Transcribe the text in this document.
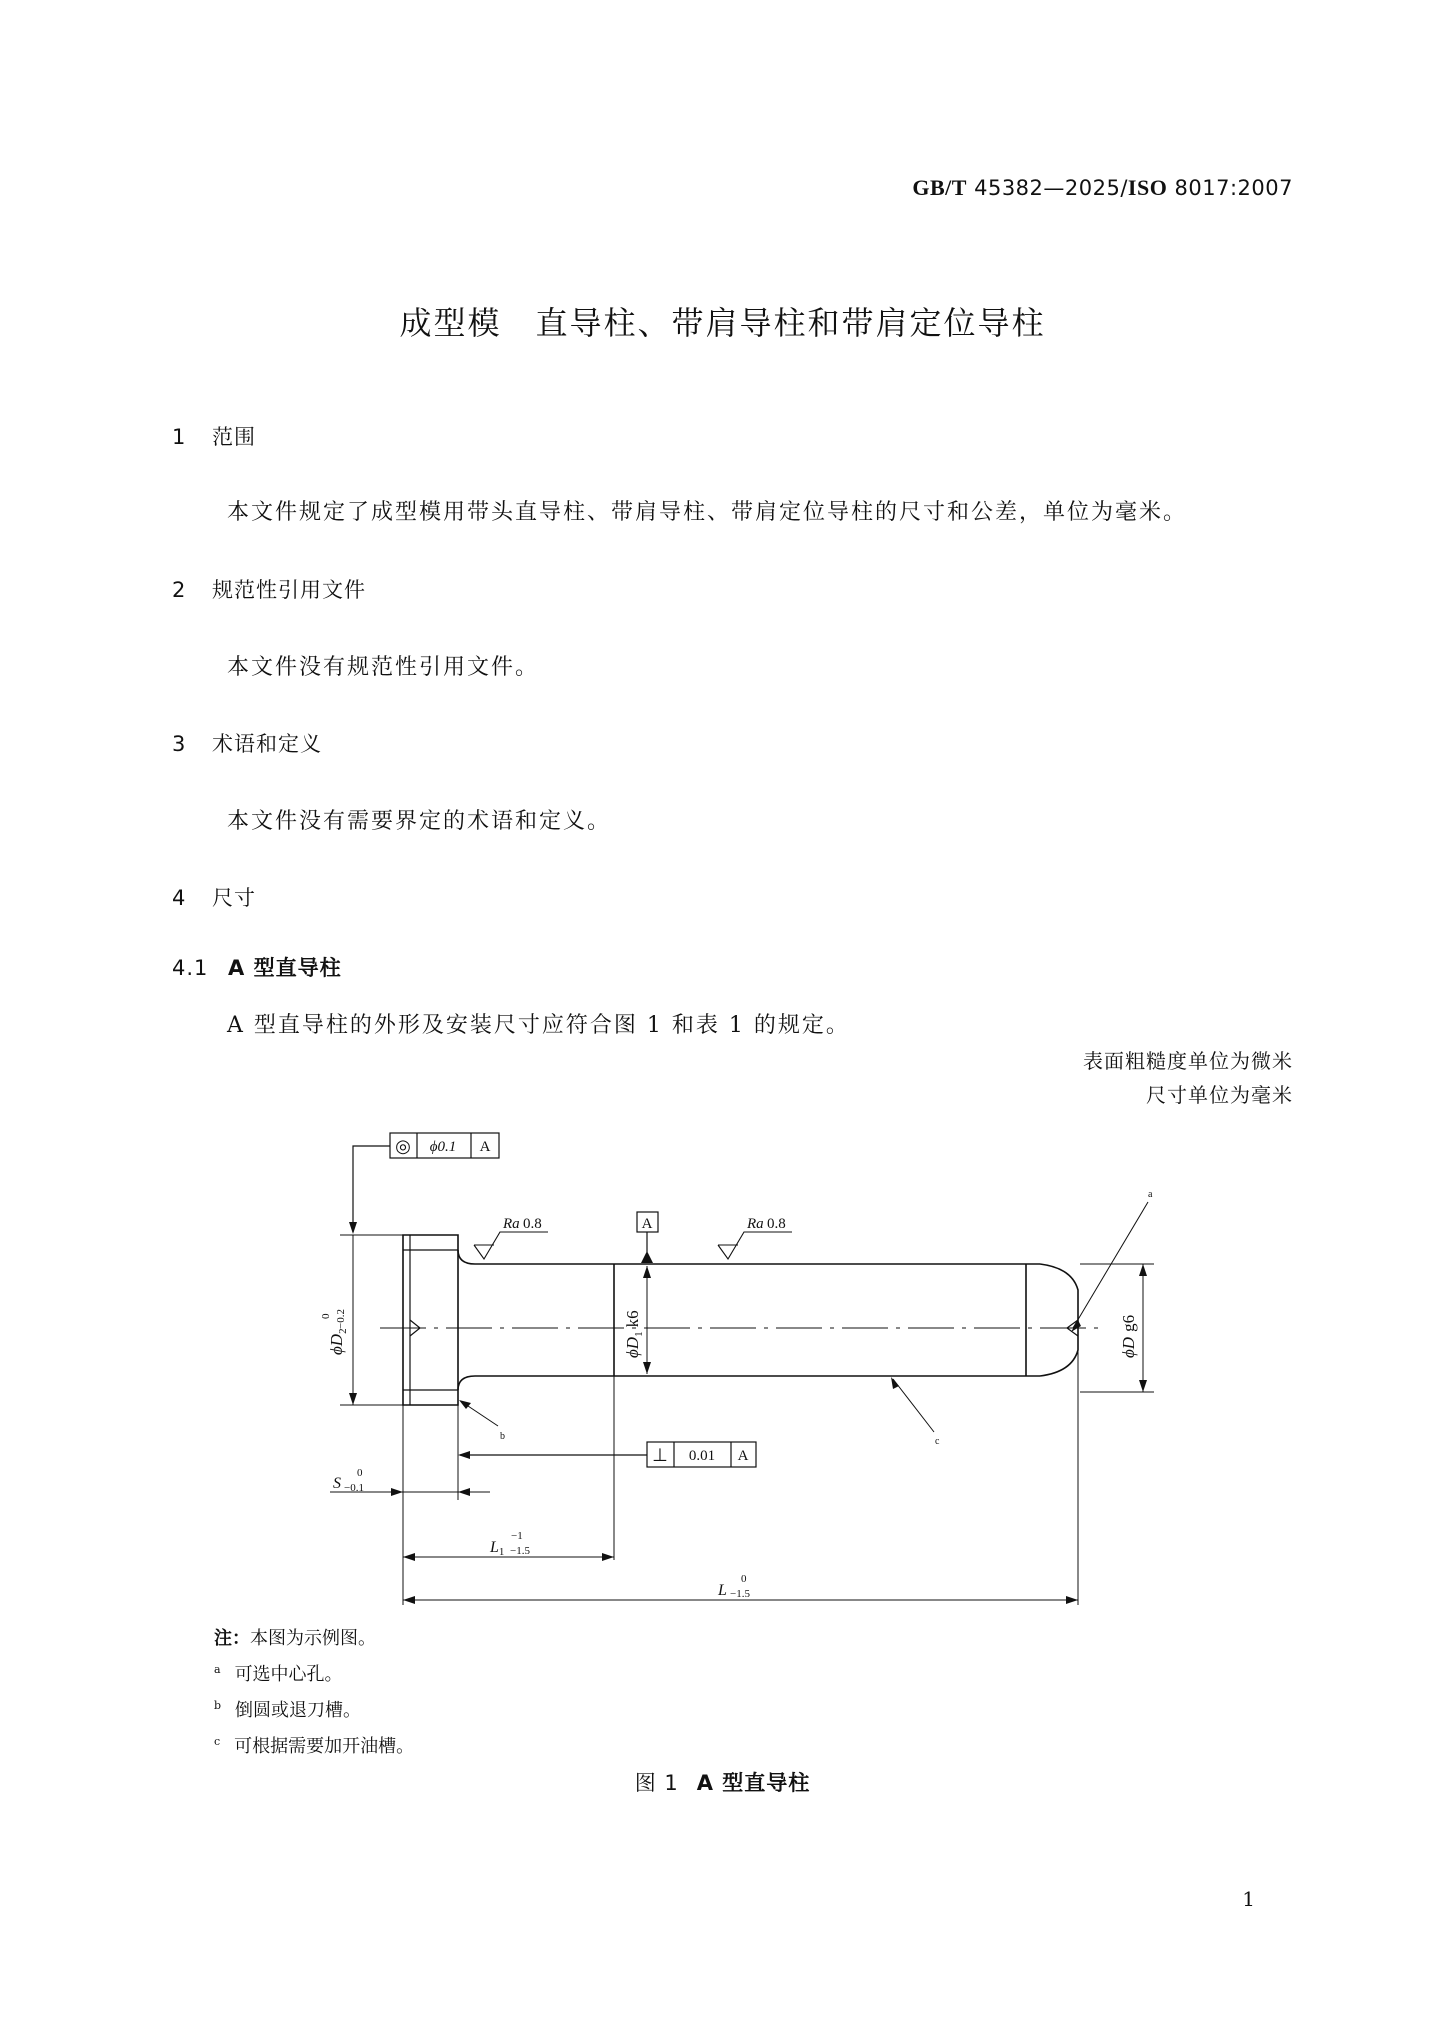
GB/T 45382—2025/ISO 8017:2007
成型模　直导柱、带肩导柱和带肩定位导柱
1 范围
本文件规定了成型模用带头直导柱、带肩导柱、带肩定位导柱的尺寸和公差，单位为毫米。
2 规范性引用文件
本文件没有规范性引用文件。
3 术语和定义
本文件没有需要界定的术语和定义。
4 尺寸
4.1 A 型直导柱
A 型直导柱的外形及安装尺寸应符合图 1 和表 1 的规定。
表面粗糙度单位为微米
尺寸单位为毫米
◎ ϕ0.1 A
$\phi D_2$
0 −0.2
Ra 0.8	A	Ra 0.8
$\phi D_1k6$
ϕDg6
a
b	c
⊥ 0.01 A
S
0
−0.1
L1
−1
−1.5
L
0
−1.5
注：本图为示例图。
$^a$ 可选中心孔。
$^b$ 倒圆或退刀槽。
$^c$ 可根据需要加开油槽。
图 1 A 型直导柱
1
